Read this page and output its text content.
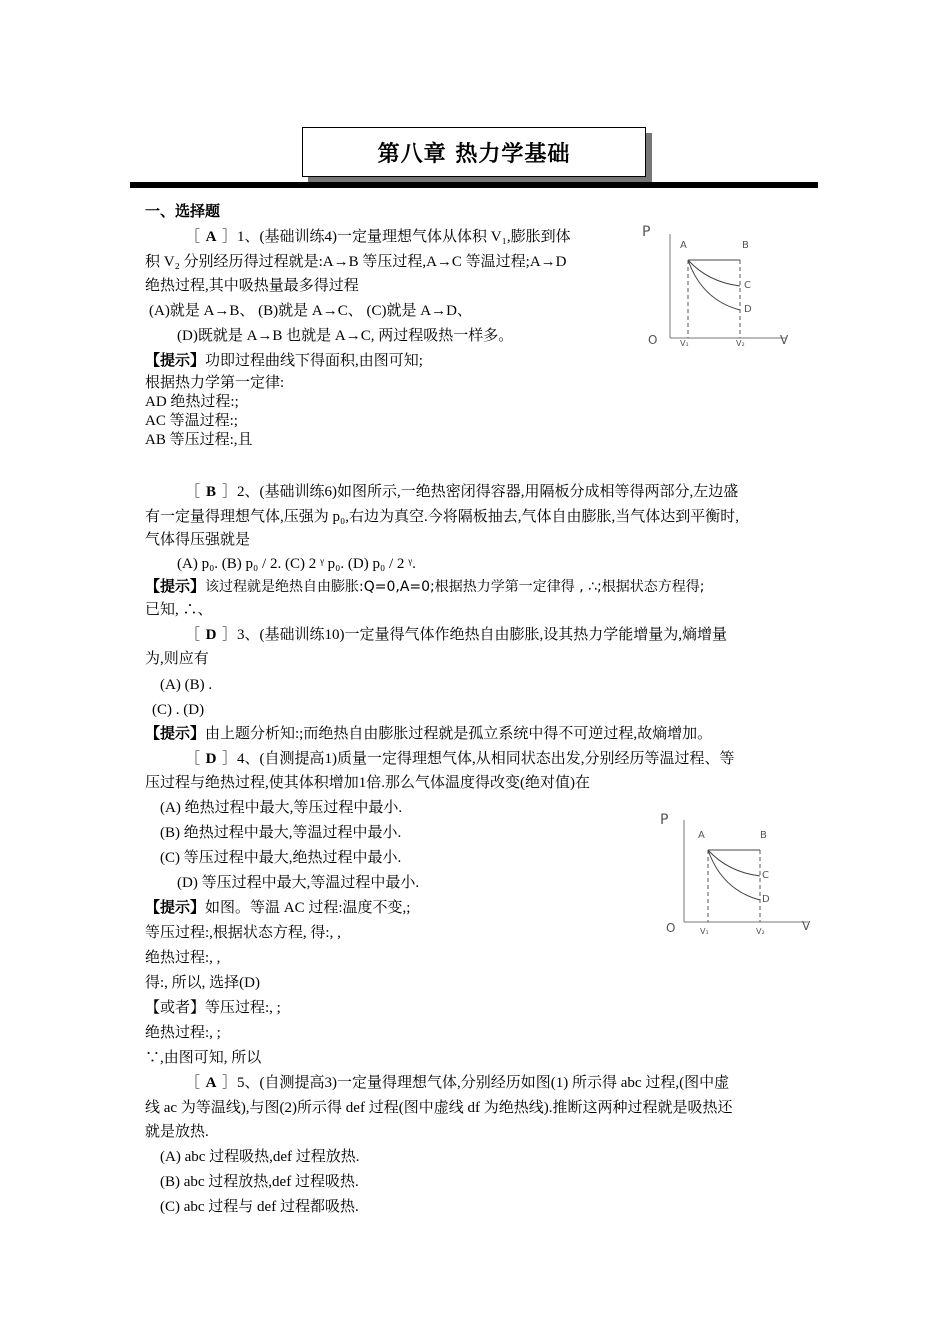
第八章 热力学基础
一、选择题
［ A ］1、(基础训练4)一定量理想气体从体积 V₁,膨胀到体
积 V₂ 分别经历得过程就是:A→B 等压过程,A→C 等温过程;A→D
绝热过程,其中吸热量最多得过程
(A)就是 A→B、 (B)就是 A→C、 (C)就是 A→D、
(D)既就是 A→B 也就是 A→C, 两过程吸热一样多。
【提示】功即过程曲线下得面积,由图可知;
根据热力学第一定律:
AD 绝热过程:;
AC 等温过程:;
AB 等压过程:,且
P
O	V
A	B
C
D
V₁	V₂
［ B ］2、(基础训练6)如图所示,一绝热密闭得容器,用隔板分成相等得两部分,左边盛
有一定量得理想气体,压强为 p₀,右边为真空.今将隔板抽去,气体自由膨胀,当气体达到平衡时,
气体得压强就是
(A) p₀. (B) p₀ / 2. (C) 2 ᵞ p₀. (D) p₀ / 2 ᵞ.
【提示】该过程就是绝热自由膨胀:Q=0,A=0;根据热力学第一定律得 , ∴;根据状态方程得;
已知, ∴、
［ D ］3、(基础训练10)一定量得气体作绝热自由膨胀,设其热力学能增量为,熵增量
为,则应有
(A) (B) .
(C) . (D)
【提示】由上题分析知:;而绝热自由膨胀过程就是孤立系统中得不可逆过程,故熵增加。
［ D ］4、(自测提高1)质量一定得理想气体,从相同状态出发,分别经历等温过程、等
压过程与绝热过程,使其体积增加1倍.那么气体温度得改变(绝对值)在
(A) 绝热过程中最大,等压过程中最小.
(B) 绝热过程中最大,等温过程中最小.
(C) 等压过程中最大,绝热过程中最小.
(D) 等压过程中最大,等温过程中最小.
【提示】如图。等温 AC 过程:温度不变,;
等压过程:,根据状态方程, 得:, ,
绝热过程:, ,
得:, 所以, 选择(D)
【或者】等压过程:, ;
绝热过程:, ;
∵,由图可知, 所以
P
O	V
A	B
C
D
V₁	V₂
［ A ］5、(自测提高3)一定量得理想气体,分别经历如图(1) 所示得 abc 过程,(图中虚
线 ac 为等温线),与图(2)所示得 def 过程(图中虚线 df 为绝热线).推断这两种过程就是吸热还
就是放热.
(A) abc 过程吸热,def 过程放热.
(B) abc 过程放热,def 过程吸热.
(C) abc 过程与 def 过程都吸热.
